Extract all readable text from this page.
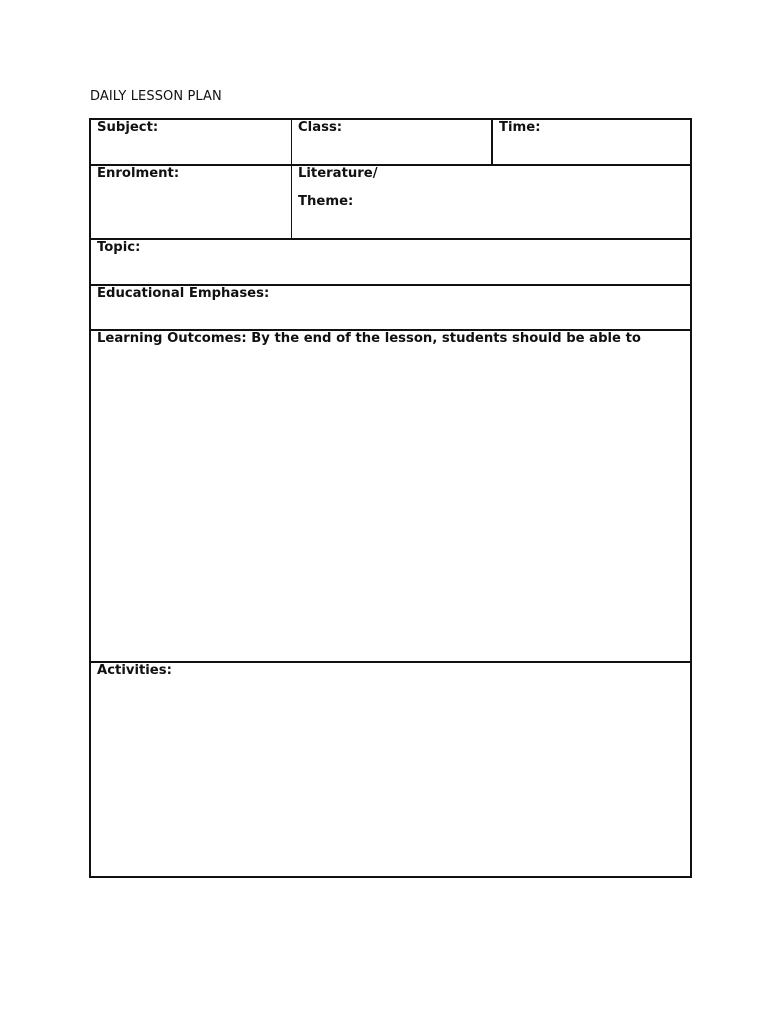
DAILY LESSON PLAN
Subject:	Class:	Time:
Enrolment:	Literature/
Theme:
Topic:
Educational Emphases:
Learning Outcomes: By the end of the lesson, students should be able to
Activities:
